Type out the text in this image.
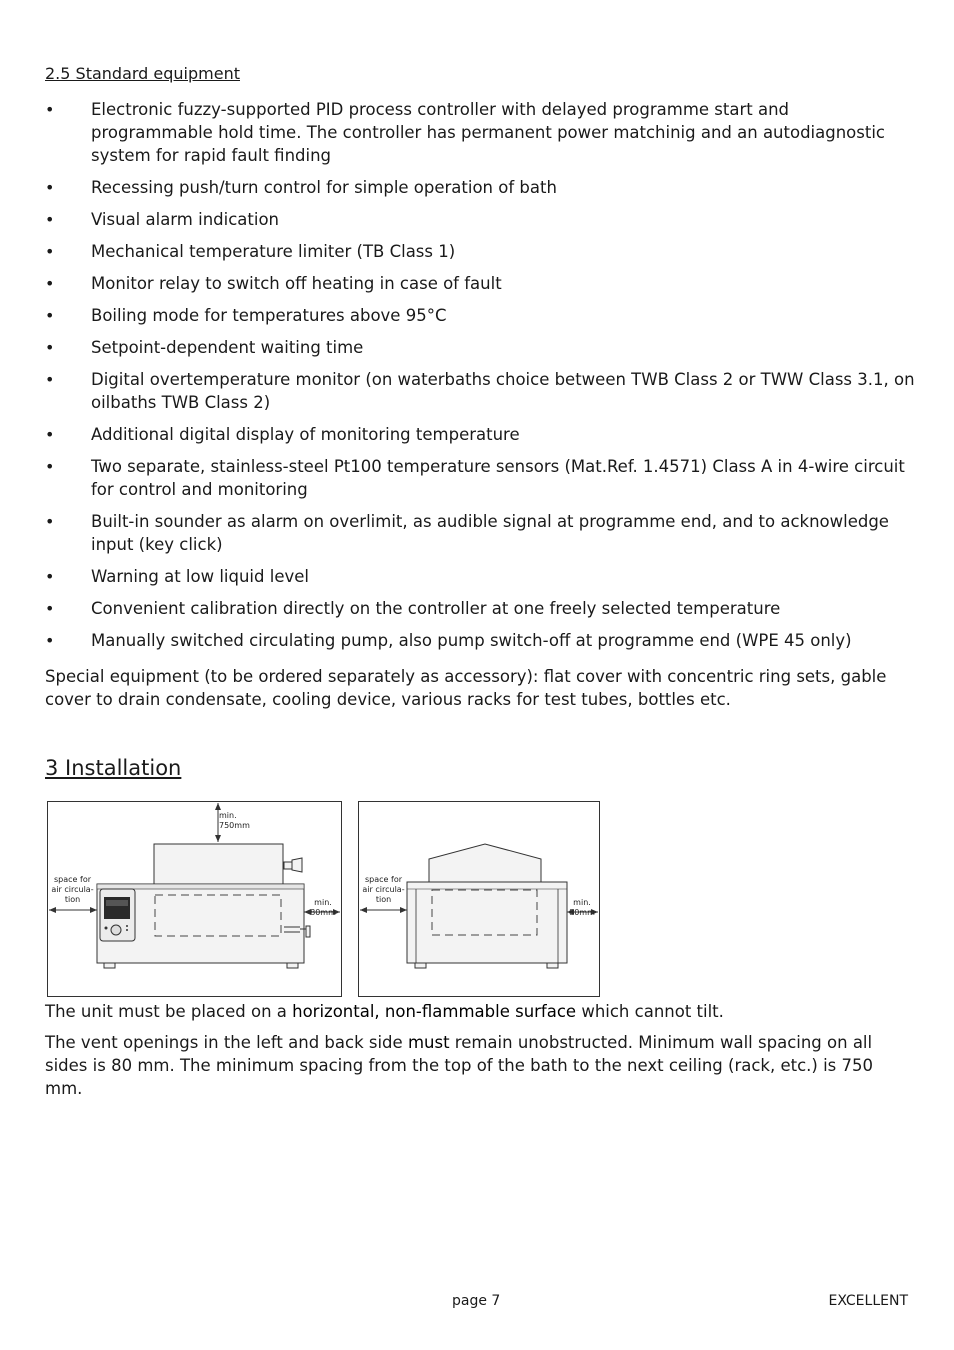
2.5 Standard equipment
• Electronic fuzzy-supported PID process controller with delayed programme start and programmable hold time. The controller has permanent power matchinig and an autodiagnostic system for rapid fault finding
• Recessing push/turn control for simple operation of bath
• Visual alarm indication
• Mechanical temperature limiter (TB Class 1)
• Monitor relay to switch off heating in case of fault
• Boiling mode for temperatures above 95°C
• Setpoint-dependent waiting time
• Digital overtemperature monitor (on waterbaths choice between TWB Class 2 or TWW Class 3.1, on oilbaths TWB Class 2)
• Additional digital display of monitoring temperature
• Two separate, stainless-steel Pt100 temperature sensors (Mat.Ref. 1.4571) Class A in 4-wire circuit for control and monitoring
• Built-in sounder as alarm on overlimit, as audible signal at programme end, and to acknowledge input (key click)
• Warning at low liquid level
• Convenient calibration directly on the controller at one freely selected temperature
• Manually switched circulating pump, also pump switch-off at programme end (WPE 45 only)

Special equipment (to be ordered separately as accessory): flat cover with concentric ring sets, gable cover to drain condensate, cooling device, various racks for test tubes, bottles etc.

3 Installation
min.
750mm
space for
air circula-
tion	min.
80mm
space for
air circula-
tion	min.
80mm

The unit must be placed on a horizontal, non-flammable surface which cannot tilt.

The vent openings in the left and back side must remain unobstructed. Minimum wall spacing on all sides is 80 mm. The minimum spacing from the top of the bath to the next ceiling (rack, etc.) is 750 mm.

page 7	EXCELLENT
